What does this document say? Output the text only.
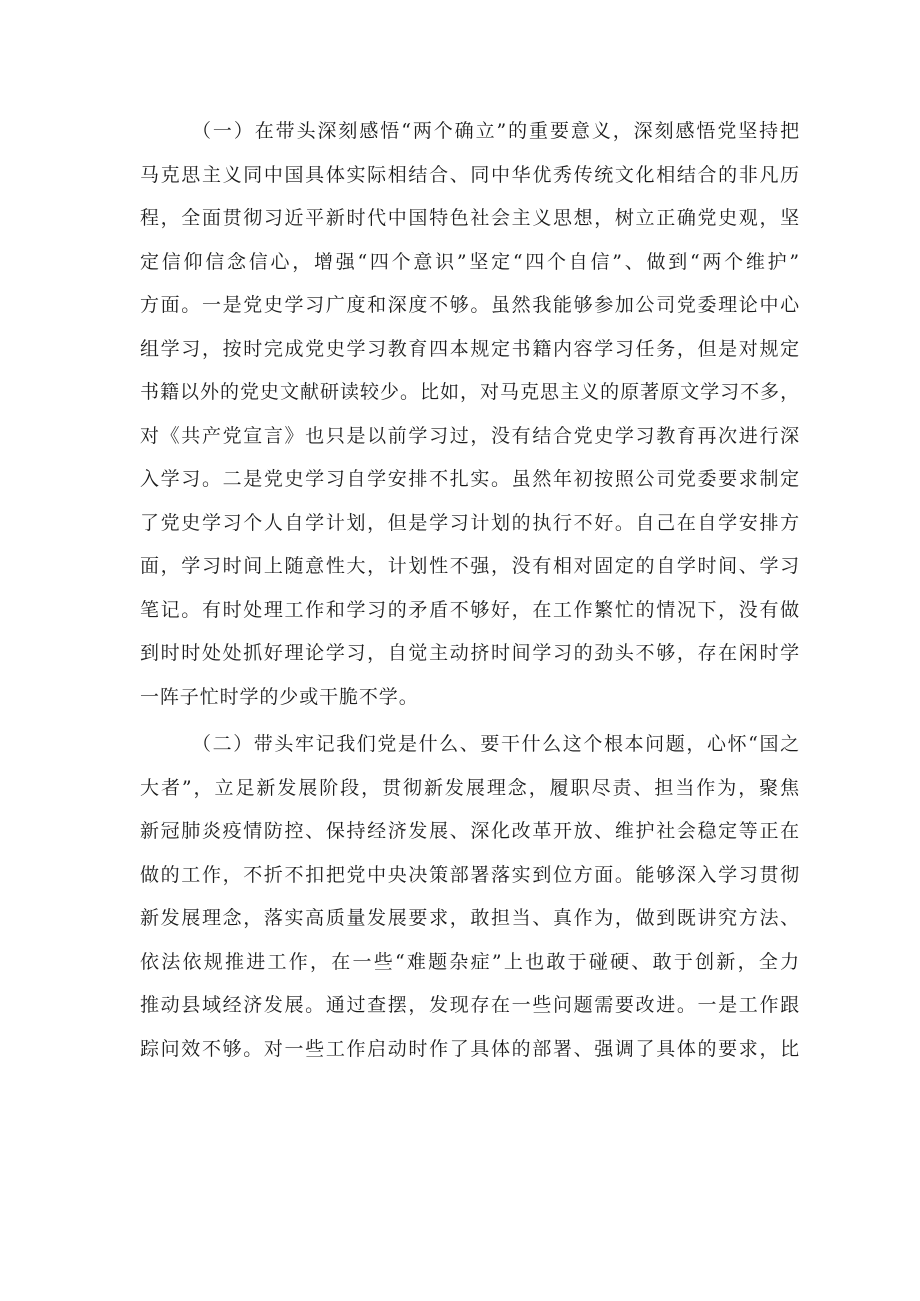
（一）在带头深刻感悟“两个确立”的重要意义，深刻感悟党坚持把
马克思主义同中国具体实际相结合、同中华优秀传统文化相结合的非凡历
程，全面贯彻习近平新时代中国特色社会主义思想，树立正确党史观，坚
定信仰信念信心，增强“四个意识”坚定“四个自信”、做到“两个维护”
方面。一是党史学习广度和深度不够。虽然我能够参加公司党委理论中心
组学习，按时完成党史学习教育四本规定书籍内容学习任务，但是对规定
书籍以外的党史文献研读较少。比如，对马克思主义的原著原文学习不多，
对《共产党宣言》也只是以前学习过，没有结合党史学习教育再次进行深
入学习。二是党史学习自学安排不扎实。虽然年初按照公司党委要求制定
了党史学习个人自学计划，但是学习计划的执行不好。自己在自学安排方
面，学习时间上随意性大，计划性不强，没有相对固定的自学时间、学习
笔记。有时处理工作和学习的矛盾不够好，在工作繁忙的情况下，没有做
到时时处处抓好理论学习，自觉主动挤时间学习的劲头不够，存在闲时学
一阵子忙时学的少或干脆不学。
（二）带头牢记我们党是什么、要干什么这个根本问题，心怀“国之
大者”，立足新发展阶段，贯彻新发展理念，履职尽责、担当作为，聚焦
新冠肺炎疫情防控、保持经济发展、深化改革开放、维护社会稳定等正在
做的工作，不折不扣把党中央决策部署落实到位方面。能够深入学习贯彻
新发展理念，落实高质量发展要求，敢担当、真作为，做到既讲究方法、
依法依规推进工作，在一些“难题杂症”上也敢于碰硬、敢于创新，全力
推动县域经济发展。通过查摆，发现存在一些问题需要改进。一是工作跟
踪问效不够。对一些工作启动时作了具体的部署、强调了具体的要求，比
